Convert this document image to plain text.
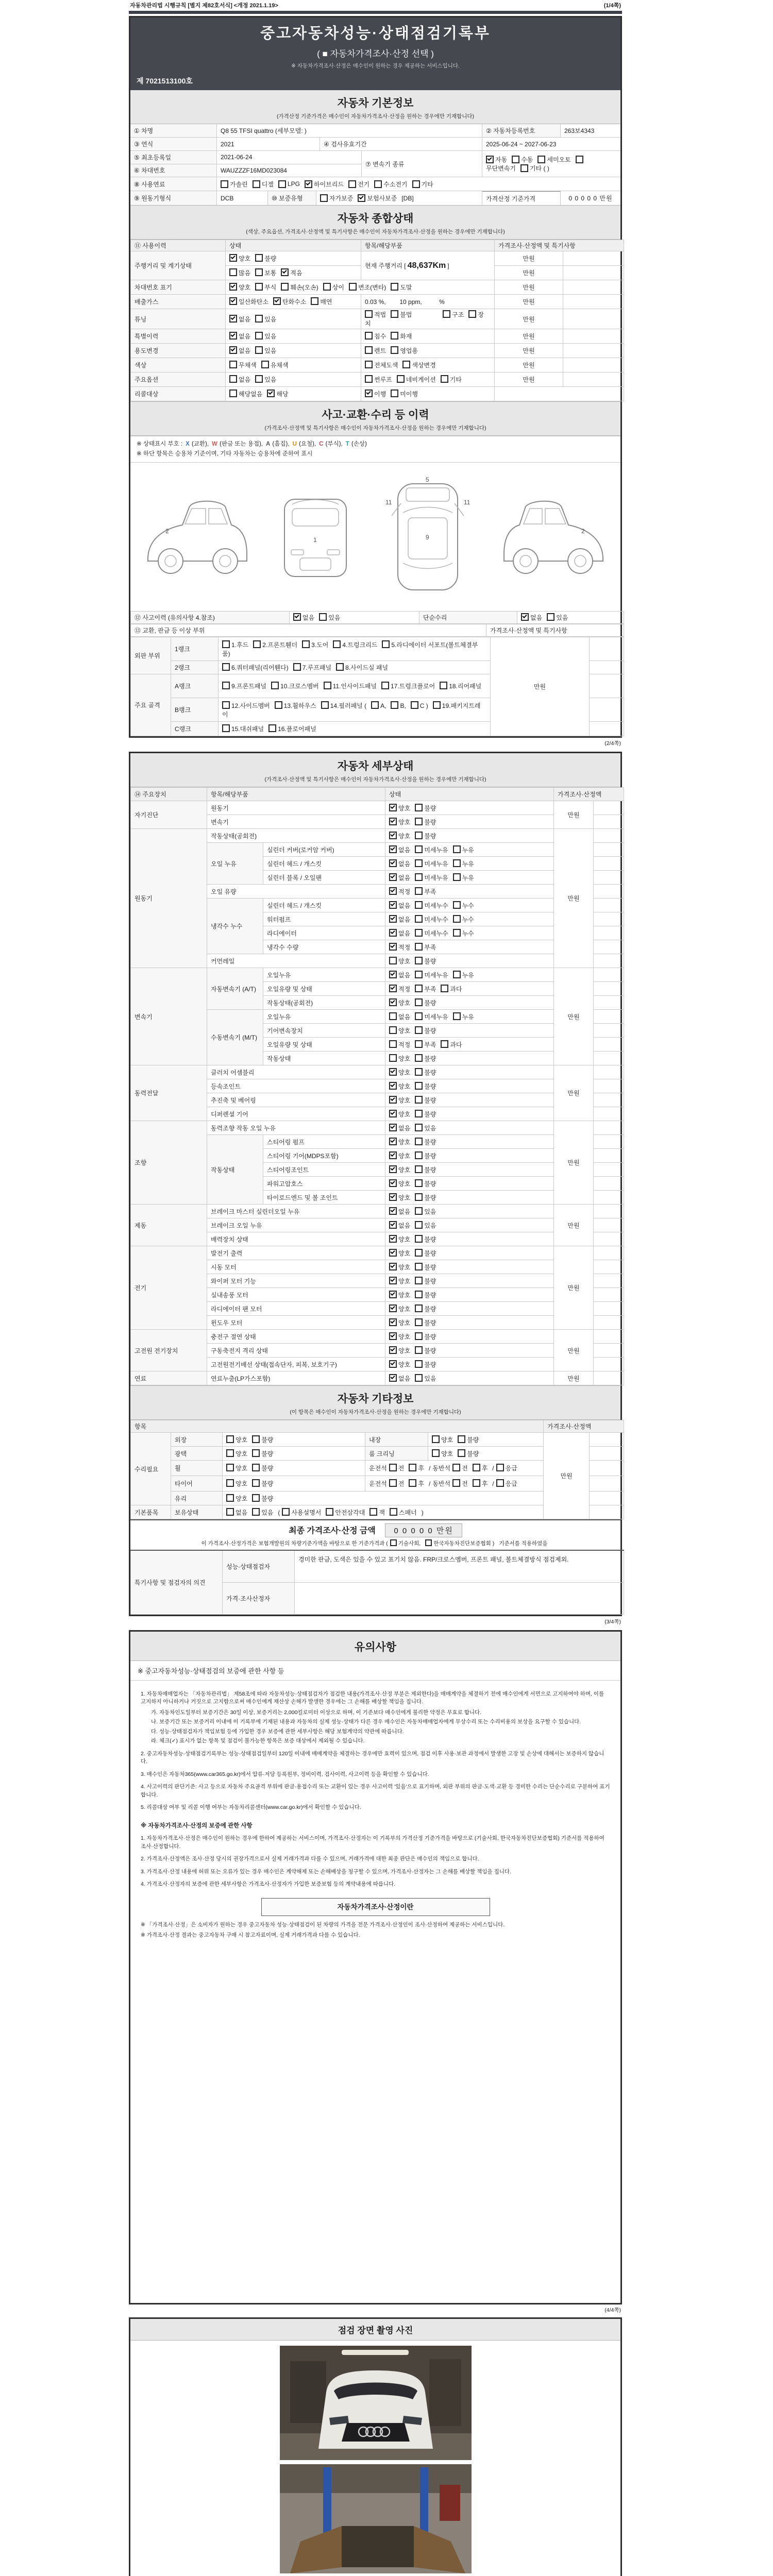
자동차관리법 시행규칙 [별지 제82호서식] <개정 2021.1.19>	(1/4쪽)
중고자동차성능·상태점검기록부
( ■ 자동차가격조사·산정 선택 )
※ 자동차가격조사·산정은 매수인이 원하는 경우 제공하는 서비스입니다.
제 7021513100호
자동차 기본정보
(가격산정 기준가격은 매수인이 자동차가격조사·산정을 원하는 경우에만 기재합니다)
① 차명	Q8 55 TFSI quattro (세부모델: )	② 자동차등록번호	263보4343
③ 연식	2021	④ 검사유효기간	2025-06-24 ~ 2027-06-23
⑤ 최초등록일	2021-06-24
⑥ 차대번호	WAUZZZF16MD023084
⑦ 변속기 종류
자동 수동 세미오토
무단변속기 기타 ( )
⑧ 사용연료	가솔린 디젤 LPG 하이브리드 전기 수소전기 기타
⑨ 원동기형식	DCB	⑩ 보증유형	자가보증 보험사보증 [DB]	가격산정 기준가격	0 0 0 0 0 만원
자동차 종합상태
(색상, 주요옵션, 가격조사·산정액 및 특기사항은 매수인이 자동차가격조사·산정을 원하는 경우에만 기재합니다)
⑪ 사용이력	상태	항목/해당부품	가격조사·산정액 및 특기사항	
주행거리 및 계기상태	양호 불량	현재 주행거리 [ 48,637Km ]	만원	
	많음 보통 적음		만원	
차대번호 표기	양호 부식 훼손(오손) 상이 변조(변타) 도말		만원	
배출가스	일산화탄소 탄화수소 매연	0.03 %,        10 ppm,          %	만원	
튜닝	없음 있음	적법 불법 구조 장치	만원	
특별이력	없음 있음	침수 화재	만원	
용도변경	없음 있음	렌트 영업용	만원	
색상	무채색 유채색	전체도색 색상변경	만원	
주요옵션	없음 있음	썬루프 네비게이션 기타	만원	
리콜대상	해당없음 해당	이행 미이행		
사고·교환·수리 등 이력
(가격조사·산정액 및 특기사항은 매수인이 자동차가격조사·산정을 원하는 경우에만 기재합니다)
※ 상태표시 부호 : X (교환), W (판금 또는 용접), A (흠집), U (요철), C (부식), T (손상)
※ 하단 항목은 승용차 기준이며, 기타 자동차는 승용차에 준하여 표시
2
1
11	11
5
9
2
⑫ 사고이력 (유의사항 4.참조)	없음 있음	단순수리	없음 있음
⑬ 교환, 판금 등 이상 부위	가격조사·산정액 및 특기사항
외판 부위	1랭크	1.후드 2.프론트휀더 3.도어 4.트렁크리드 5.라디에이터 서포트(볼트체결부품)	만원	
	2랭크	6.쿼터패널(리어휀다) 7.루프패널 8.사이드실 패널		
주요 골격	A랭크	9.프론트패널 10.크로스멤버 11.인사이드패널 17.트렁크플로어 18.리어패널		
	B랭크	12.사이드멤버 13.휠하우스 14.필러패널 ( A, B, C ) 19.패키지트레이		
	C랭크	15.대쉬패널 16.플로어패널		
(2/4쪽)
자동차 세부상태
(가격조사·산정액 및 특기사항은 매수인이 자동차가격조사·산정을 원하는 경우에만 기재합니다)
⑭ 주요장치	항목/해당부품		상태	가격조사·산정액	
자기진단	원동기		양호 불량	만원	
	변속기		양호 불량		
원동기	작동상태(공회전)		양호 불량	만원	
	오일 누유	실린더 커버(로커암 커버)	없음 미세누유 누유		
		실린더 헤드 / 개스킷	없음 미세누유 누유		
		실린더 블록 / 오일팬	없음 미세누유 누유		
	오일 유량		적정 부족		
	냉각수 누수	실린더 헤드 / 개스킷	없음 미세누수 누수		
		워터펌프	없음 미세누수 누수		
		라디에이터	없음 미세누수 누수		
		냉각수 수량	적정 부족		
	커먼레일		양호 불량		
변속기	자동변속기 (A/T)	오일누유	없음 미세누유 누유	만원	
		오일유량 및 상태	적정 부족 과다		
		작동상태(공회전)	양호 불량		
	수동변속기 (M/T)	오일누유	없음 미세누유 누유		
		기어변속장치	양호 불량		
		오일유량 및 상태	적정 부족 과다		
		작동상태	양호 불량		
동력전달	클러치 어셈블리		양호 불량	만원	
	등속조인트		양호 불량		
	추진축 및 베어링		양호 불량		
	디퍼렌셜 기어		양호 불량		
조향	동력조향 작동 오일 누유		없음 있음	만원	
	작동상태	스티어링 펌프	양호 불량		
		스티어링 기어(MDPS포함)	양호 불량		
		스티어링조인트	양호 불량		
		파워고압호스	양호 불량		
		타이로드엔드 및 볼 조인트	양호 불량		
제동	브레이크 마스터 실린더오일 누유		없음 있음	만원	
	브레이크 오일 누유		없음 있음		
	배력장치 상태		양호 불량		
전기	발전기 출력		양호 불량	만원	
	시동 모터		양호 불량		
	와이퍼 모터 기능		양호 불량		
	실내송풍 모터		양호 불량		
	라디에이터 팬 모터		양호 불량		
	윈도우 모터		양호 불량		
고전원 전기장치	충전구 절연 상태		양호 불량	만원	
	구동축전지 격리 상태		양호 불량		
	고전원전기배선 상태(접속단자, 피복, 보호기구)		양호 불량		
연료	연료누출(LP가스포함)		없음 있음	만원	
자동차 기타정보
(이 항목은 매수인이 자동차가격조사·산정을 원하는 경우에만 기재합니다)
항목					가격조사·산정액	
수리필요	외장	양호 불량	내장	양호 불량	만원	
	광택	양호 불량	룸 크리닝	양호 불량		
	휠	양호 불량	운전석 전 후 / 동반석 전 후 / 응급			
	타이어	양호 불량	운전석 전 후 / 동반석 전 후 / 응급			
	유리	양호 불량				
기본품목	보유상태	없음 있음 ( 사용설명서 안전삼각대 잭 스패너 )				
최종 가격조사·산정 금액 0 0 0 0 0 만원
이 가격조사·산정가격은 보험개발원의 차량기준가액을 바탕으로 한 기준가격과 ( 기술사회, 한국자동차진단보증협회 ) 기준서를 적용하였음
특기사항 및 점검자의 의견	성능·상태점검자	경미한 판금, 도색은 있을 수 있고 표기치 않음. FRP/크로스멤버, 프론트 패널, 볼트체결방식 점검제외.
	가격·조사산정자	
(3/4쪽)
유의사항
※ 중고자동차성능·상태점검의 보증에 관한 사항 등
1. 자동차매매업자는 「자동차관리법」 제58조에 따라 자동차성능·상태점검자가 점검한 내용(가격조사·산정 부분은 제외한다)을 매매계약을 체결하기 전에 매수인에게 서면으로 고지하여야 하며, 이를 고지하지 아니하거나 거짓으로 고지함으로써 매수인에게 재산상 손해가 발생한 경우에는 그 손해를 배상할 책임을 집니다.
가. 자동차인도일부터 보증기간은 30일 이상, 보증거리는 2,000킬로미터 이상으로 하며, 이 기준보다 매수인에게 불리한 약정은 무효로 합니다.
나. 보증기간 또는 보증거리 이내에 이 기록부에 기재된 내용과 자동차의 실제 성능·상태가 다른 경우 매수인은 자동차매매업자에게 무상수리 또는 수리비용의 보상을 요구할 수 있습니다.
다. 성능·상태점검자가 책임보험 등에 가입한 경우 보증에 관한 세부사항은 해당 보험계약의 약관에 따릅니다.
라. 체크(✓) 표시가 없는 항목 및 점검이 불가능한 항목은 보증 대상에서 제외될 수 있습니다.
2. 중고자동차성능·상태점검기록부는 성능·상태점검일부터 120일 이내에 매매계약을 체결하는 경우에만 효력이 있으며, 점검 이후 사용·보관 과정에서 발생한 고장 및 손상에 대해서는 보증하지 않습니다.
3. 매수인은 자동차365(www.car365.go.kr)에서 압류·저당 등록원부, 정비이력, 검사이력, 사고이력 등을 확인할 수 있습니다.
4. 사고이력의 판단기준: 사고 등으로 자동차 주요골격 부위에 판금·용접수리 또는 교환이 있는 경우 사고이력 '있음'으로 표기하며, 외판 부위의 판금·도색·교환 등 경미한 수리는 단순수리로 구분하여 표기합니다.
5. 리콜대상 여부 및 리콜 이행 여부는 자동차리콜센터(www.car.go.kr)에서 확인할 수 있습니다.
※ 자동차가격조사·산정의 보증에 관한 사항
1. 자동차가격조사·산정은 매수인이 원하는 경우에 한하여 제공하는 서비스이며, 가격조사·산정자는 이 기록부의 가격산정 기준가격을 바탕으로 (기술사회, 한국자동차진단보증협회) 기준서를 적용하여 조사·산정합니다.
2. 가격조사·산정액은 조사·산정 당시의 권장가격으로서 실제 거래가격과 다를 수 있으며, 거래가격에 대한 최종 판단은 매수인의 책임으로 합니다.
3. 가격조사·산정 내용에 허위 또는 오류가 있는 경우 매수인은 계약해제 또는 손해배상을 청구할 수 있으며, 가격조사·산정자는 그 손해를 배상할 책임을 집니다.
4. 가격조사·산정자의 보증에 관한 세부사항은 가격조사·산정자가 가입한 보증보험 등의 계약내용에 따릅니다.
자동차가격조사·산정이란
※ 「가격조사·산정」은 소비자가 원하는 경우 중고자동차 성능·상태점검이 된 차량의 가격을 전문 가격조사·산정인이 조사·산정하여 제공하는 서비스입니다.
※ 가격조사·산정 결과는 중고자동차 구매 시 참고자료이며, 실제 거래가격과 다를 수 있습니다.
(4/4쪽)
점검 장면 촬영 사진
